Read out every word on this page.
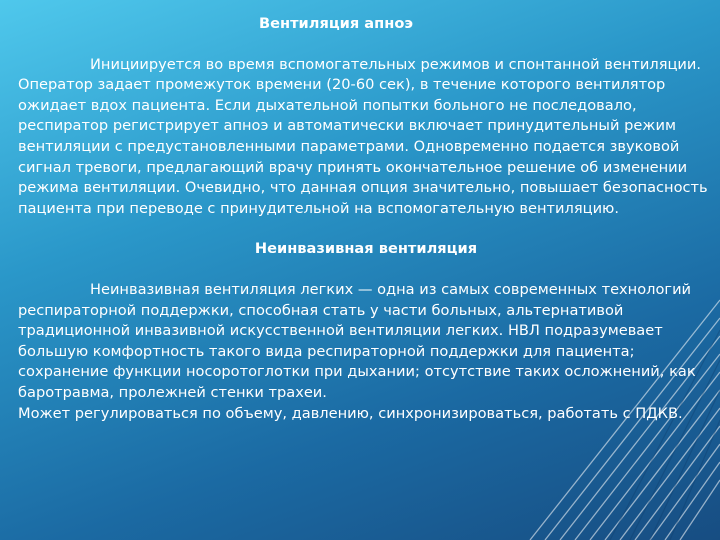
Вентиляция апноэ

Инициируется во время вспомогательных режимов и спонтанной вентиляции. Оператор задает промежуток времени (20-60 сек), в течение которого вентилятор ожидает вдох пациента. Если дыхательной попытки больного не последовало, респиратор регистрирует апноэ и автоматически включает принудительный режим вентиляции с предустановленными параметрами. Одновременно подается звуковой сигнал тревоги, предлагающий врачу принять окончательное решение об изменении режима вентиляции. Очевидно, что данная опция значительно, повышает безопасность пациента при переводе с принудительной на вспомогательную вентиляцию.

Неинвазивная вентиляция

Неинвазивная вентиляция легких — одна из самых современных технологий респираторной поддержки, способная стать у части больных, альтернативой традиционной инвазивной искусственной вентиляции легких. НВЛ подразумевает большую комфортность такого вида респираторной поддержки для пациента; сохранение функции носоротоглотки при дыхании; отсутствие таких осложнений, как баротравма, пролежней стенки трахеи.

Может регулироваться по объему, давлению, синхронизироваться, работать с ПДКВ.
